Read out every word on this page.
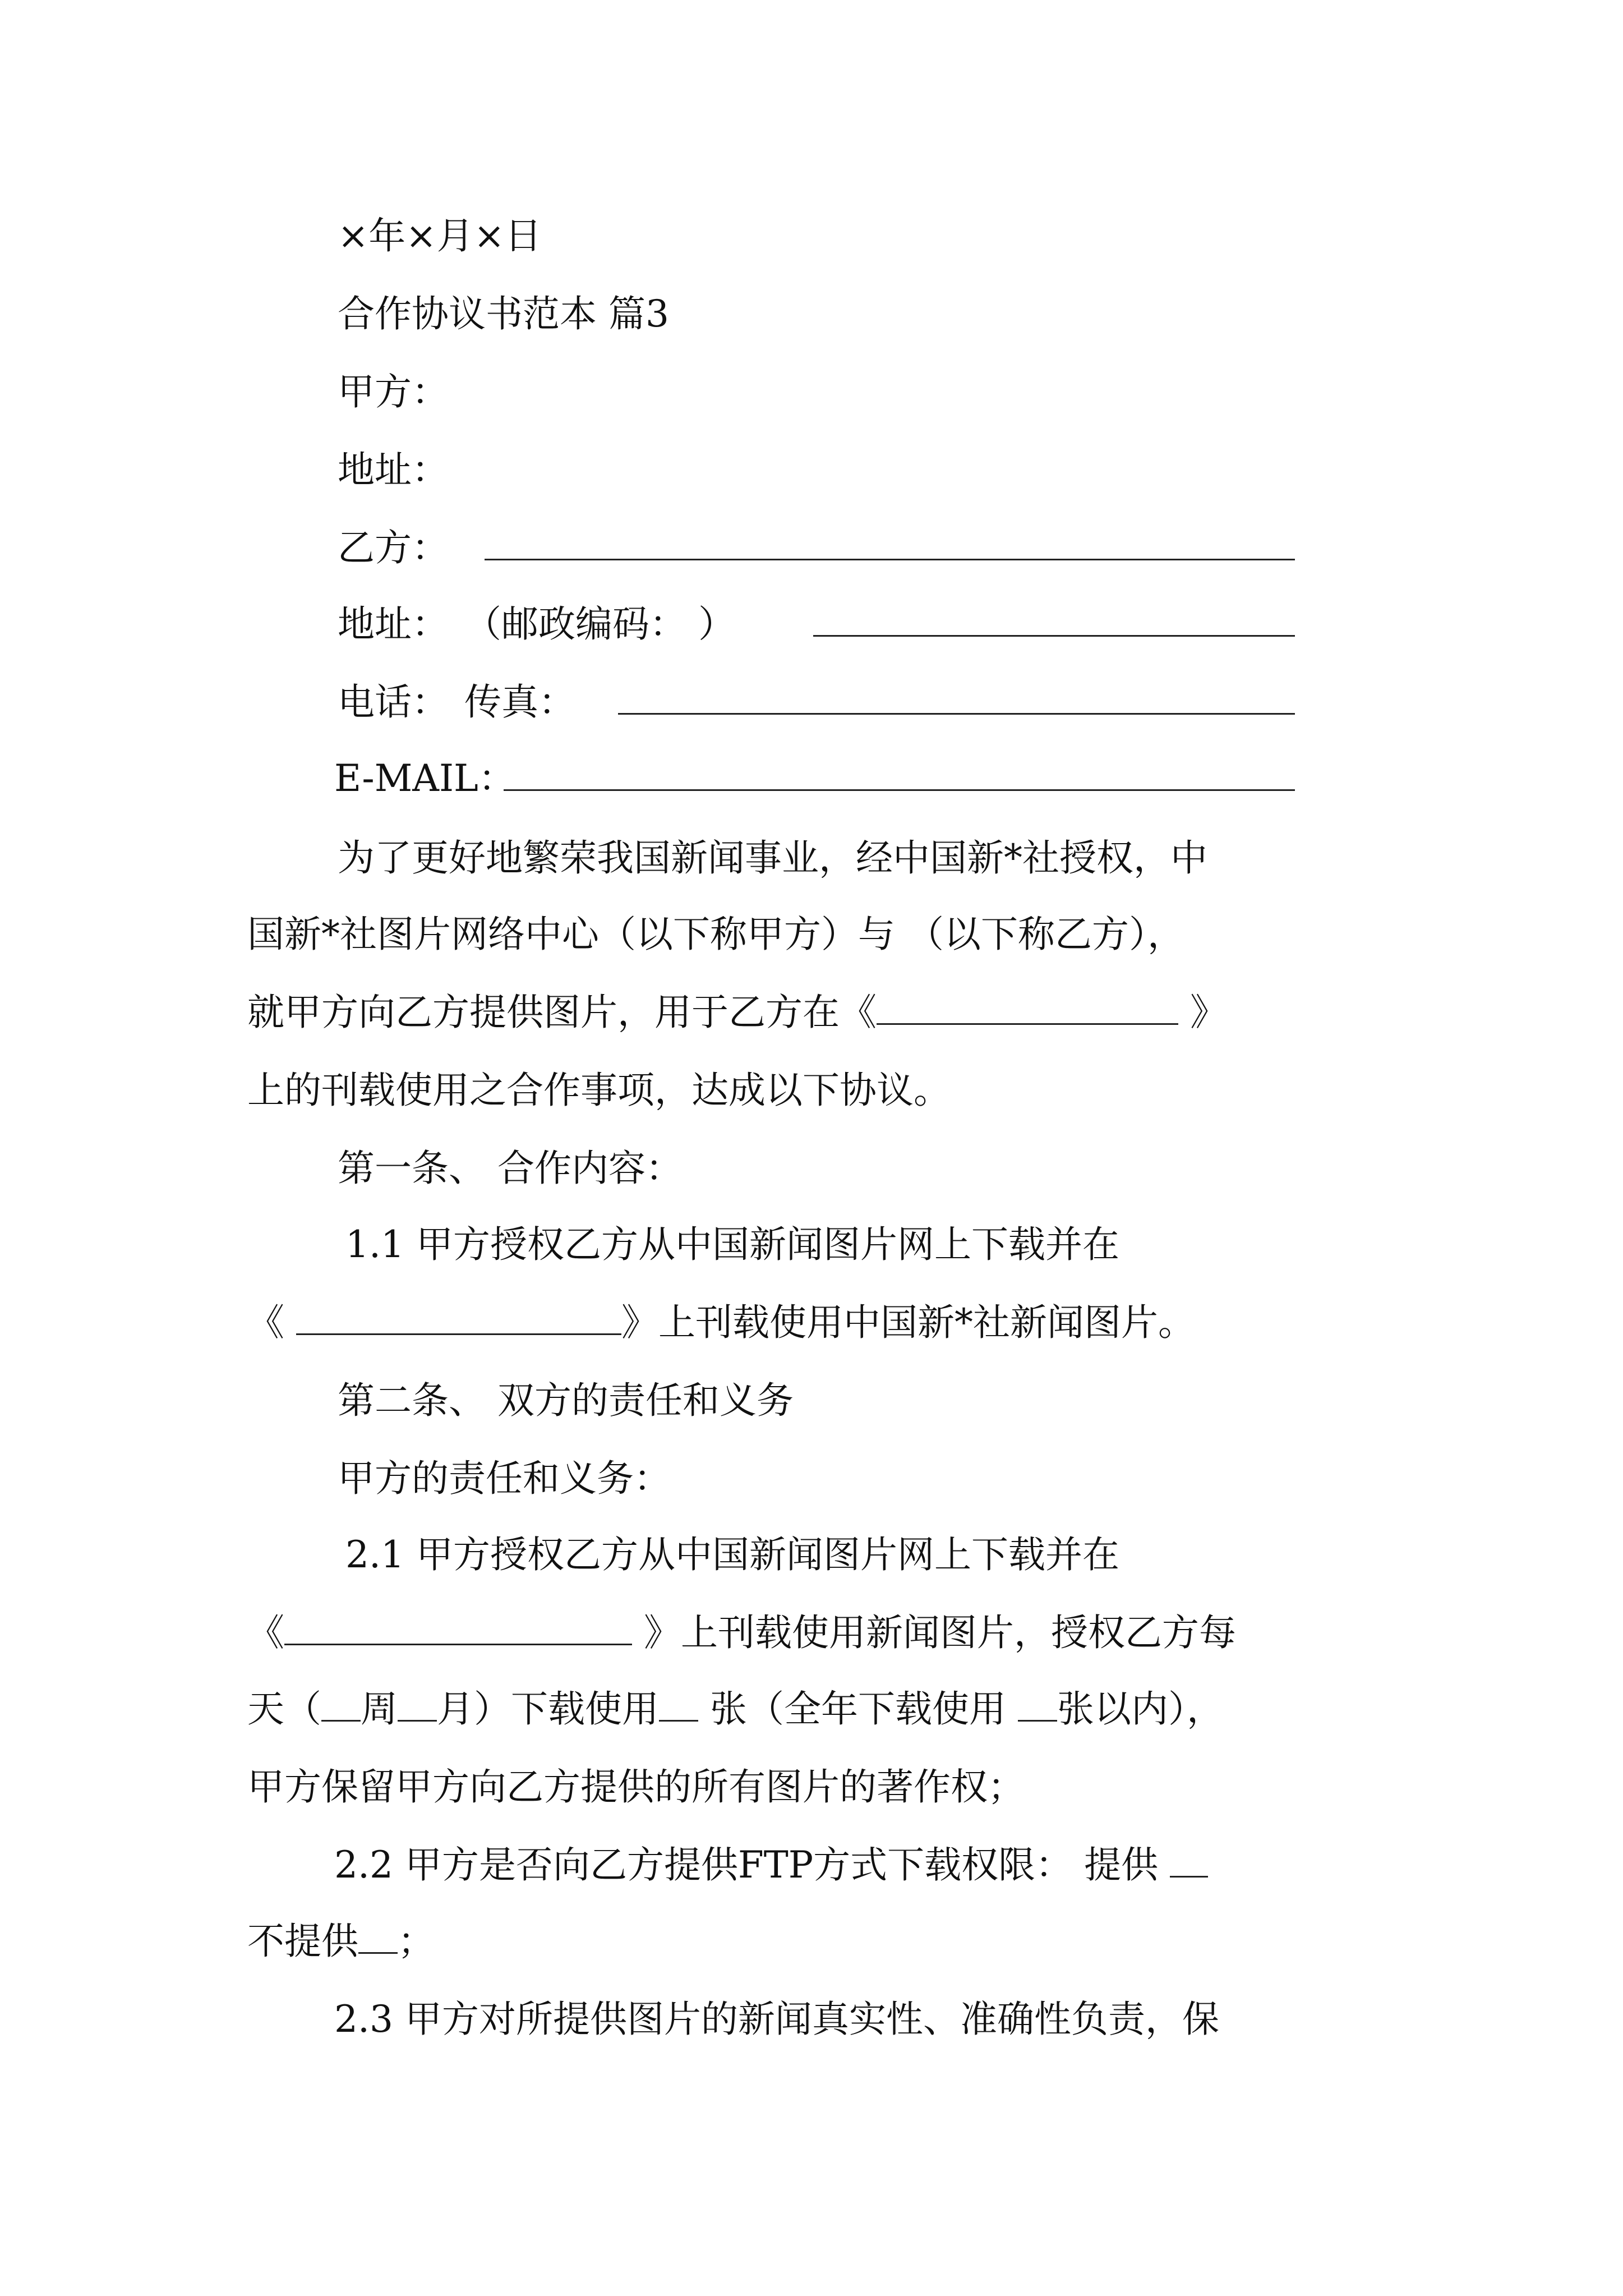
×年×月×日
合作协议书范本 篇3
甲方：
地址：
乙方：
地址： （邮政编码： ）
电话： 传真：
E-MAIL：
为了更好地繁荣我国新闻事业，经中国新*社授权，中
国新*社图片网络中心（以下称甲方）与 （以下称乙方），
就甲方向乙方提供图片，用于乙方在《	》
上的刊载使用之合作事项，达成以下协议。
第一条、 合作内容：
1.1 甲方授权乙方从中国新闻图片网上下载并在
《	》上刊载使用中国新*社新闻图片。
第二条、 双方的责任和义务
甲方的责任和义务：
2.1 甲方授权乙方从中国新闻图片网上下载并在
《	》上刊载使用新闻图片，授权乙方每
天（ 周 月）下载使用 张（全年下载使用 张以内），
甲方保留甲方向乙方提供的所有图片的著作权；
2.2 甲方是否向乙方提供FTP方式下载权限： 提供
不提供 ；
2.3 甲方对所提供图片的新闻真实性、准确性负责，保
